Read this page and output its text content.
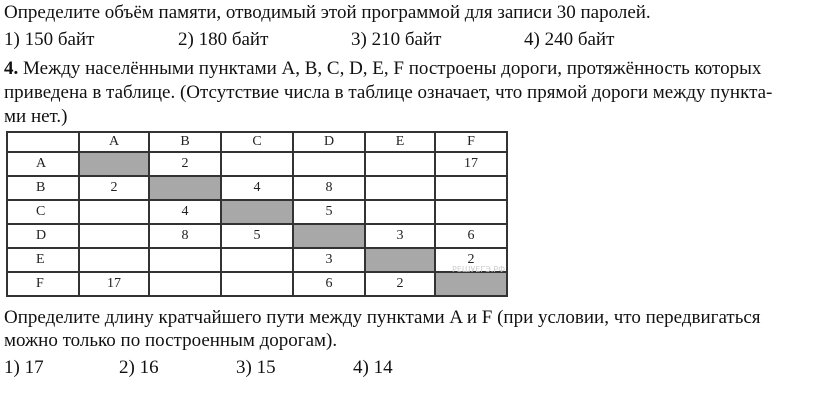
Определите объём памяти, отводимый этой программой для записи 30 паролей.
1) 150 байт	2) 180 байт	3) 210 байт	4) 240 байт
4. Между населёнными пунктами A, B, C, D, E, F построены дороги, протяжённость которых
приведена в таблице. (Отсутствие числа в таблице означает, что прямой дороги между пункта-
ми нет.)
	A	B	C	D	E	F
A		2				17
B	2		4	8		
C		4		5		
D		8	5		3	6
E				3		2
F	17			6	2	
РЕШУЕГЭ.РФ
Определите длину кратчайшего пути между пунктами A и F (при условии, что передвигаться
можно только по построенным дорогам).
1) 17	2) 16	3) 15	4) 14
